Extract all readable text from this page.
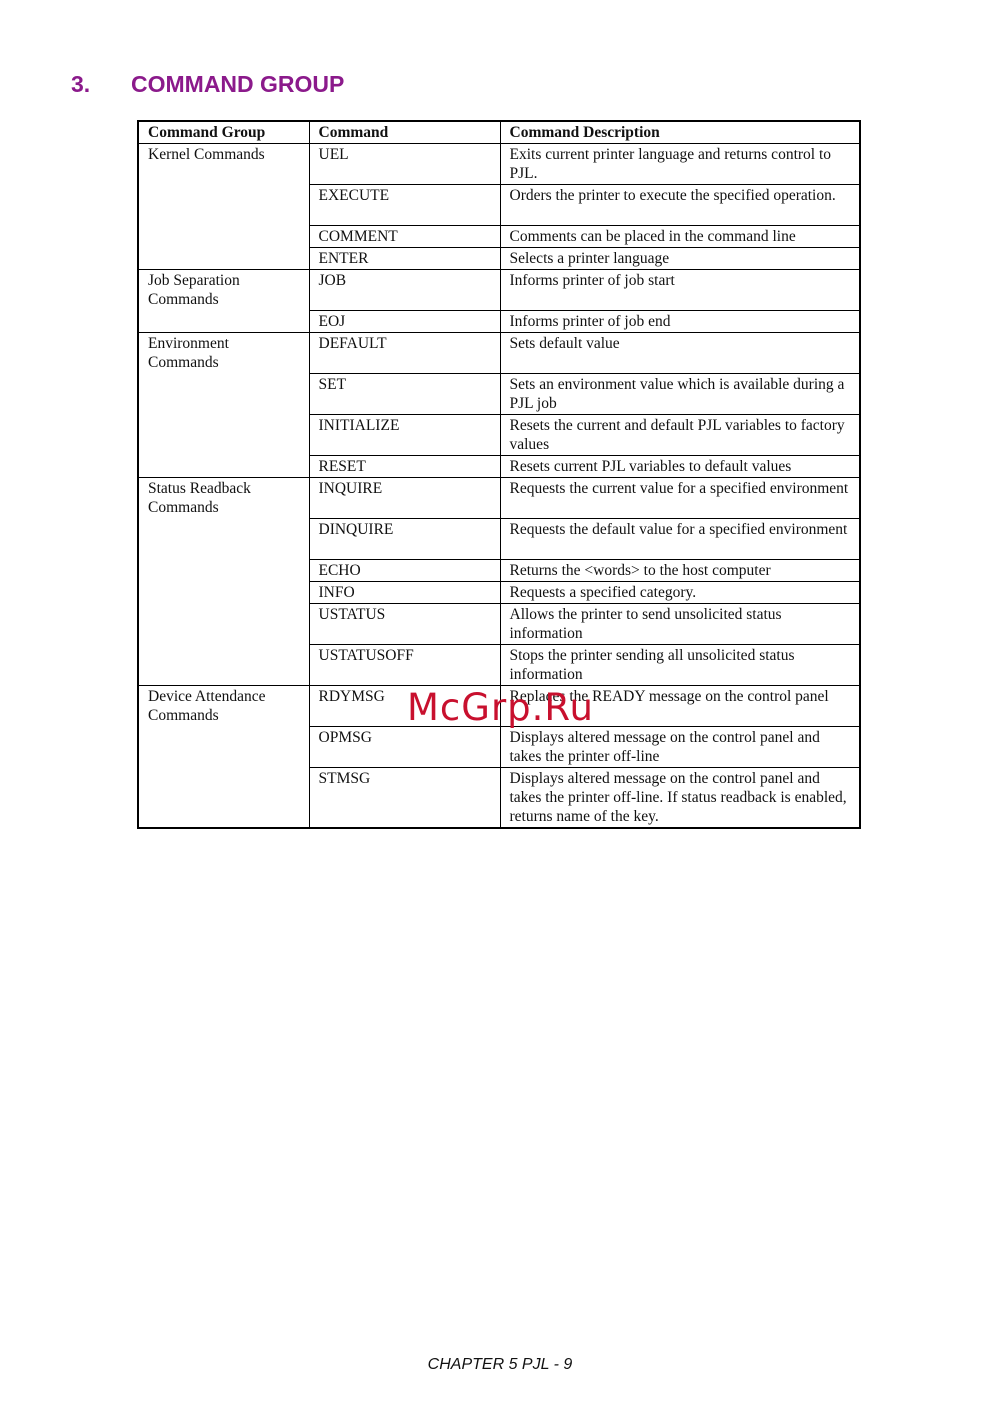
3. COMMAND GROUP
Command Group	Command	Command Description
Kernel Commands	UEL	Exits current printer language and returns control to PJL.
	EXECUTE	Orders the printer to execute the specified operation.
	COMMENT	Comments can be placed in the command line
	ENTER	Selects a printer language
Job Separation Commands	JOB	Informs printer of job start
	EOJ	Informs printer of job end
Environment Commands	DEFAULT	Sets default value
	SET	Sets an environment value which is available during a PJL job
	INITIALIZE	Resets the current and default PJL variables to factory values
	RESET	Resets current PJL variables to default values
Status Readback Commands	INQUIRE	Requests the current value for a specified environment
	DINQUIRE	Requests the default value for a specified environment
	ECHO	Returns the <words> to the host computer
	INFO	Requests a specified category.
	USTATUS	Allows the printer to send unsolicited status information
	USTATUSOFF	Stops the printer sending all unsolicited status information
Device Attendance Commands	RDYMSG	Replaces the READY message on the control panel
	OPMSG	Displays altered message on the control panel and takes the printer off-line
	STMSG	Displays altered message on the control panel and takes the printer off-line. If status readback is enabled, returns name of the key.
McGrp.Ru
CHAPTER 5 PJL - 9
